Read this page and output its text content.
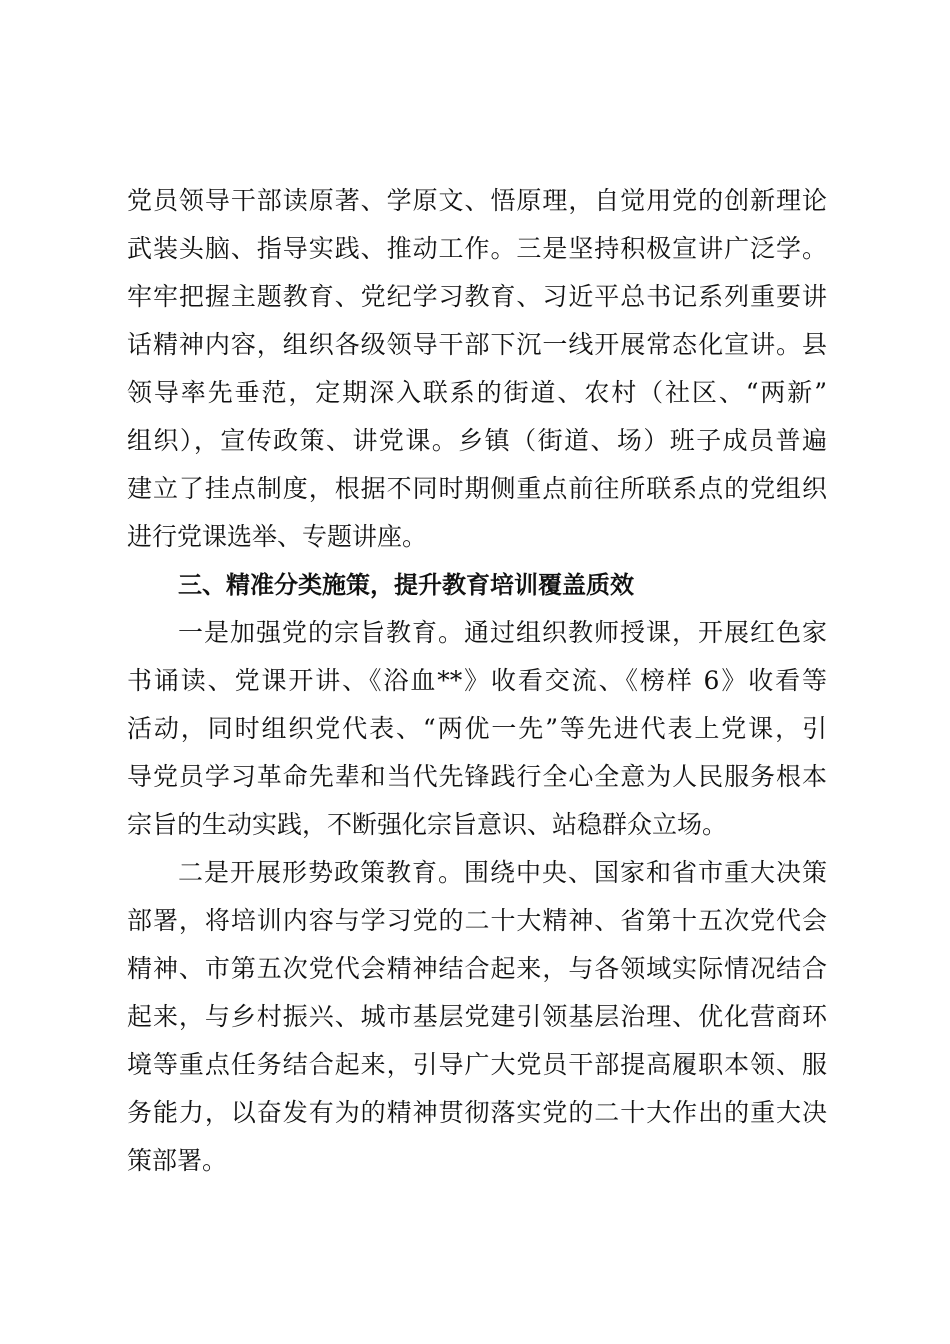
党员领导干部读原著、学原文、悟原理，自觉用党的创新理论
武装头脑、指导实践、推动工作。三是坚持积极宣讲广泛学。
牢牢把握主题教育、党纪学习教育、习近平总书记系列重要讲
话精神内容，组织各级领导干部下沉一线开展常态化宣讲。县
领导率先垂范，定期深入联系的街道、农村（社区、“两新”
组织），宣传政策、讲党课。乡镇（街道、场）班子成员普遍
建立了挂点制度，根据不同时期侧重点前往所联系点的党组织
进行党课选举、专题讲座。
三、精准分类施策，提升教育培训覆盖质效
一是加强党的宗旨教育。通过组织教师授课，开展红色家
书诵读、党课开讲、《浴血**》收看交流、《榜样 6》收看等
活动，同时组织党代表、“两优一先”等先进代表上党课，引
导党员学习革命先辈和当代先锋践行全心全意为人民服务根本
宗旨的生动实践，不断强化宗旨意识、站稳群众立场。
二是开展形势政策教育。围绕中央、国家和省市重大决策
部署，将培训内容与学习党的二十大精神、省第十五次党代会
精神、市第五次党代会精神结合起来，与各领域实际情况结合
起来，与乡村振兴、城市基层党建引领基层治理、优化营商环
境等重点任务结合起来，引导广大党员干部提高履职本领、服
务能力，以奋发有为的精神贯彻落实党的二十大作出的重大决
策部署。
